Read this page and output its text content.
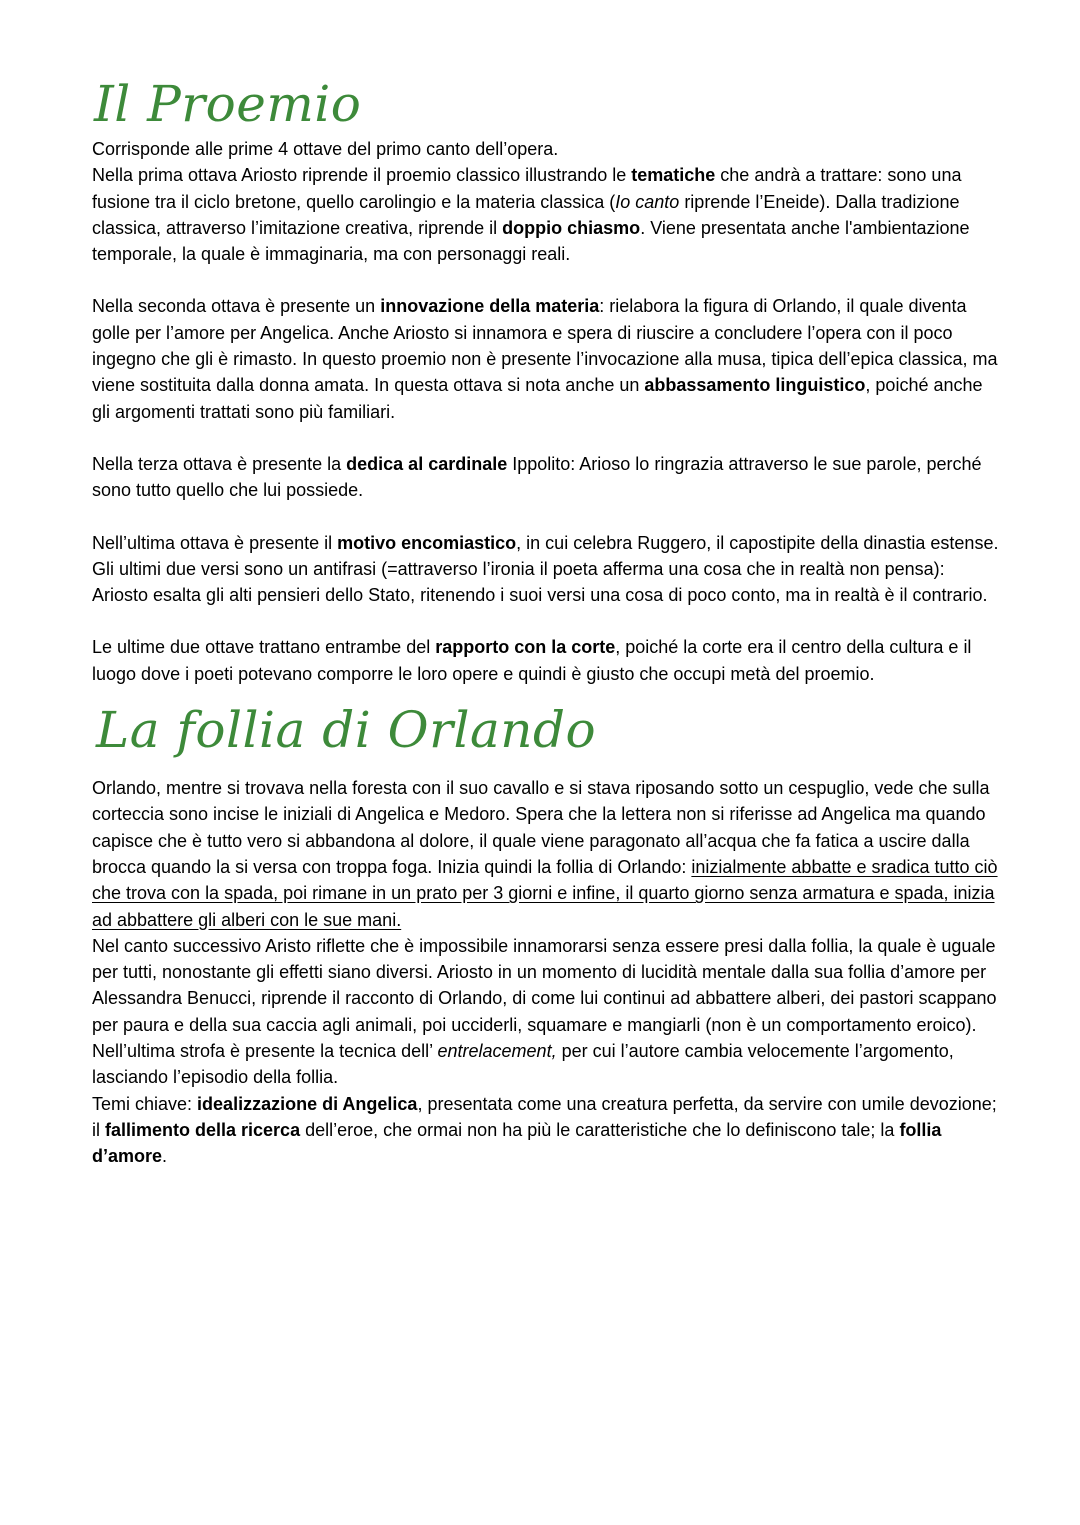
Il Proemio

Corrisponde alle prime 4 ottave del primo canto dell’opera.

Nella prima ottava Ariosto riprende il proemio classico illustrando le tematiche che andrà a trattare: sono una fusione tra il ciclo bretone, quello carolingio e la materia classica (Io canto riprende l’Eneide). Dalla tradizione classica, attraverso l’imitazione creativa, riprende il doppio chiasmo. Viene presentata anche l'ambientazione temporale, la quale è immaginaria, ma con personaggi reali.

Nella seconda ottava è presente un innovazione della materia: rielabora la figura di Orlando, il quale diventa golle per l’amore per Angelica. Anche Ariosto si innamora e spera di riuscire a concludere l’opera con il poco ingegno che gli è rimasto. In questo proemio non è presente l’invocazione alla musa, tipica dell’epica classica, ma viene sostituita dalla donna amata. In questa ottava si nota anche un abbassamento linguistico, poiché anche gli argomenti trattati sono più familiari.

Nella terza ottava è presente la dedica al cardinale Ippolito: Arioso lo ringrazia attraverso le sue parole, perché sono tutto quello che lui possiede.

Nell’ultima ottava è presente il motivo encomiastico, in cui celebra Ruggero, il capostipite della dinastia estense. Gli ultimi due versi sono un antifrasi (=attraverso l’ironia il poeta afferma una cosa che in realtà non pensa): Ariosto esalta gli alti pensieri dello Stato, ritenendo i suoi versi una cosa di poco conto, ma in realtà è il contrario.

Le ultime due ottave trattano entrambe del rapporto con la corte, poiché la corte era il centro della cultura e il luogo dove i poeti potevano comporre le loro opere e quindi è giusto che occupi metà del proemio.

La follia di Orlando

Orlando, mentre si trovava nella foresta con il suo cavallo e si stava riposando sotto un cespuglio, vede che sulla corteccia sono incise le iniziali di Angelica e Medoro. Spera che la lettera non si riferisse ad Angelica ma quando capisce che è tutto vero si abbandona al dolore, il quale viene paragonato all’acqua che fa fatica a uscire dalla brocca quando la si versa con troppa foga. Inizia quindi la follia di Orlando: inizialmente abbatte e sradica tutto ciò che trova con la spada, poi rimane in un prato per 3 giorni e infine, il quarto giorno senza armatura e spada, inizia ad abbattere gli alberi con le sue mani.

Nel canto successivo Aristo riflette che è impossibile innamorarsi senza essere presi dalla follia, la quale è uguale per tutti, nonostante gli effetti siano diversi. Ariosto in un momento di lucidità mentale dalla sua follia d’amore per Alessandra Benucci, riprende il racconto di Orlando, di come lui continui ad abbattere alberi, dei pastori scappano per paura e della sua caccia agli animali, poi ucciderli, squamare e mangiarli (non è un comportamento eroico).

Nell’ultima strofa è presente la tecnica dell’ entrelacement, per cui l’autore cambia velocemente l’argomento, lasciando l’episodio della follia.

Temi chiave: idealizzazione di Angelica, presentata come una creatura perfetta, da servire con umile devozione; il fallimento della ricerca dell’eroe, che ormai non ha più le caratteristiche che lo definiscono tale; la follia d’amore.
